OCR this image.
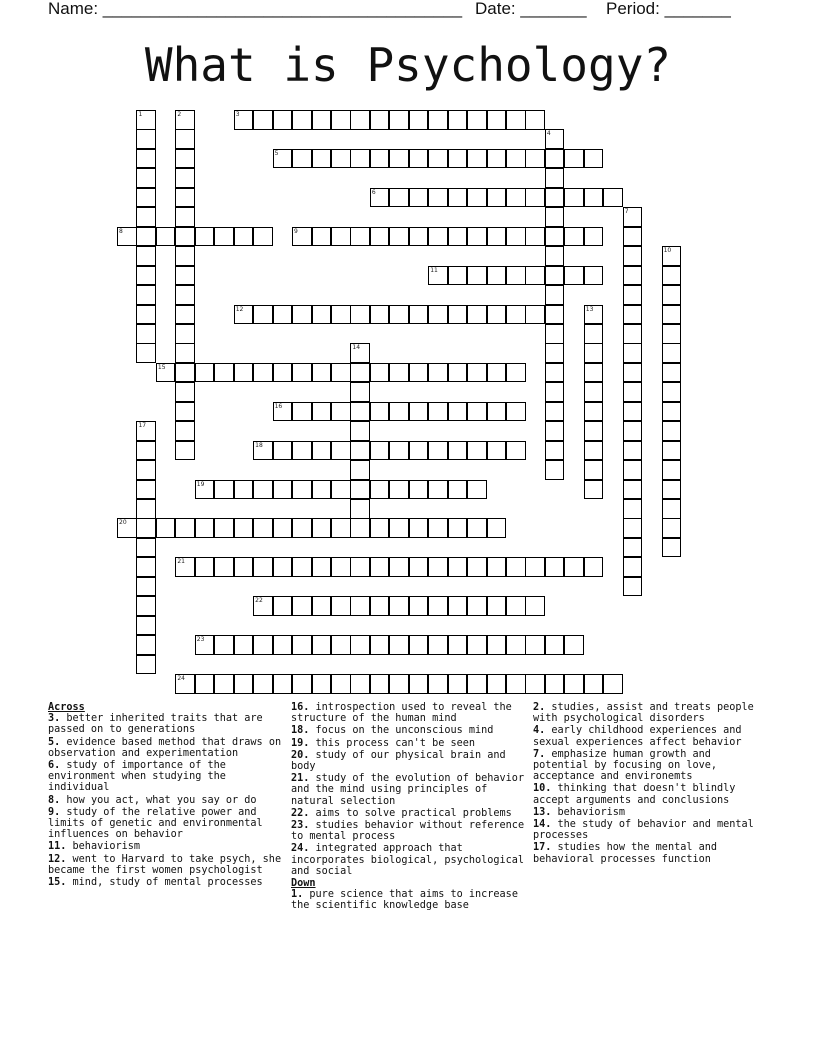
Name: ______________________________________ Date: _______ Period: _______
What is Psychology?
1	2	3
4
5
6
7
8	9
10
11
12	13
14
15
16
17
18
19
20
21
22
23
24
Across
3. better inherited traits that are passed on to generations
5. evidence based method that draws on observation and experimentation
6. study of importance of the environment when studying the individual
8. how you act, what you say or do
9. study of the relative power and limits of genetic and environmental influences on behavior
11. behaviorism
12. went to Harvard to take psych, she became the first women psychologist
15. mind, study of mental processes
16. introspection used to reveal the structure of the human mind
18. focus on the unconscious mind
19. this process can't be seen
20. study of our physical brain and body
21. study of the evolution of behavior and the mind using principles of natural selection
22. aims to solve practical problems
23. studies behavior without reference to mental process
24. integrated approach that incorporates biological, psychological and social
Down
1. pure science that aims to increase the scientific knowledge base
2. studies, assist and treats people with psychological disorders
4. early childhood experiences and sexual experiences affect behavior
7. emphasize human growth and potential by focusing on love, acceptance and environemts
10. thinking that doesn't blindly accept arguments and conclusions
13. behaviorism
14. the study of behavior and mental processes
17. studies how the mental and behavioral processes function
